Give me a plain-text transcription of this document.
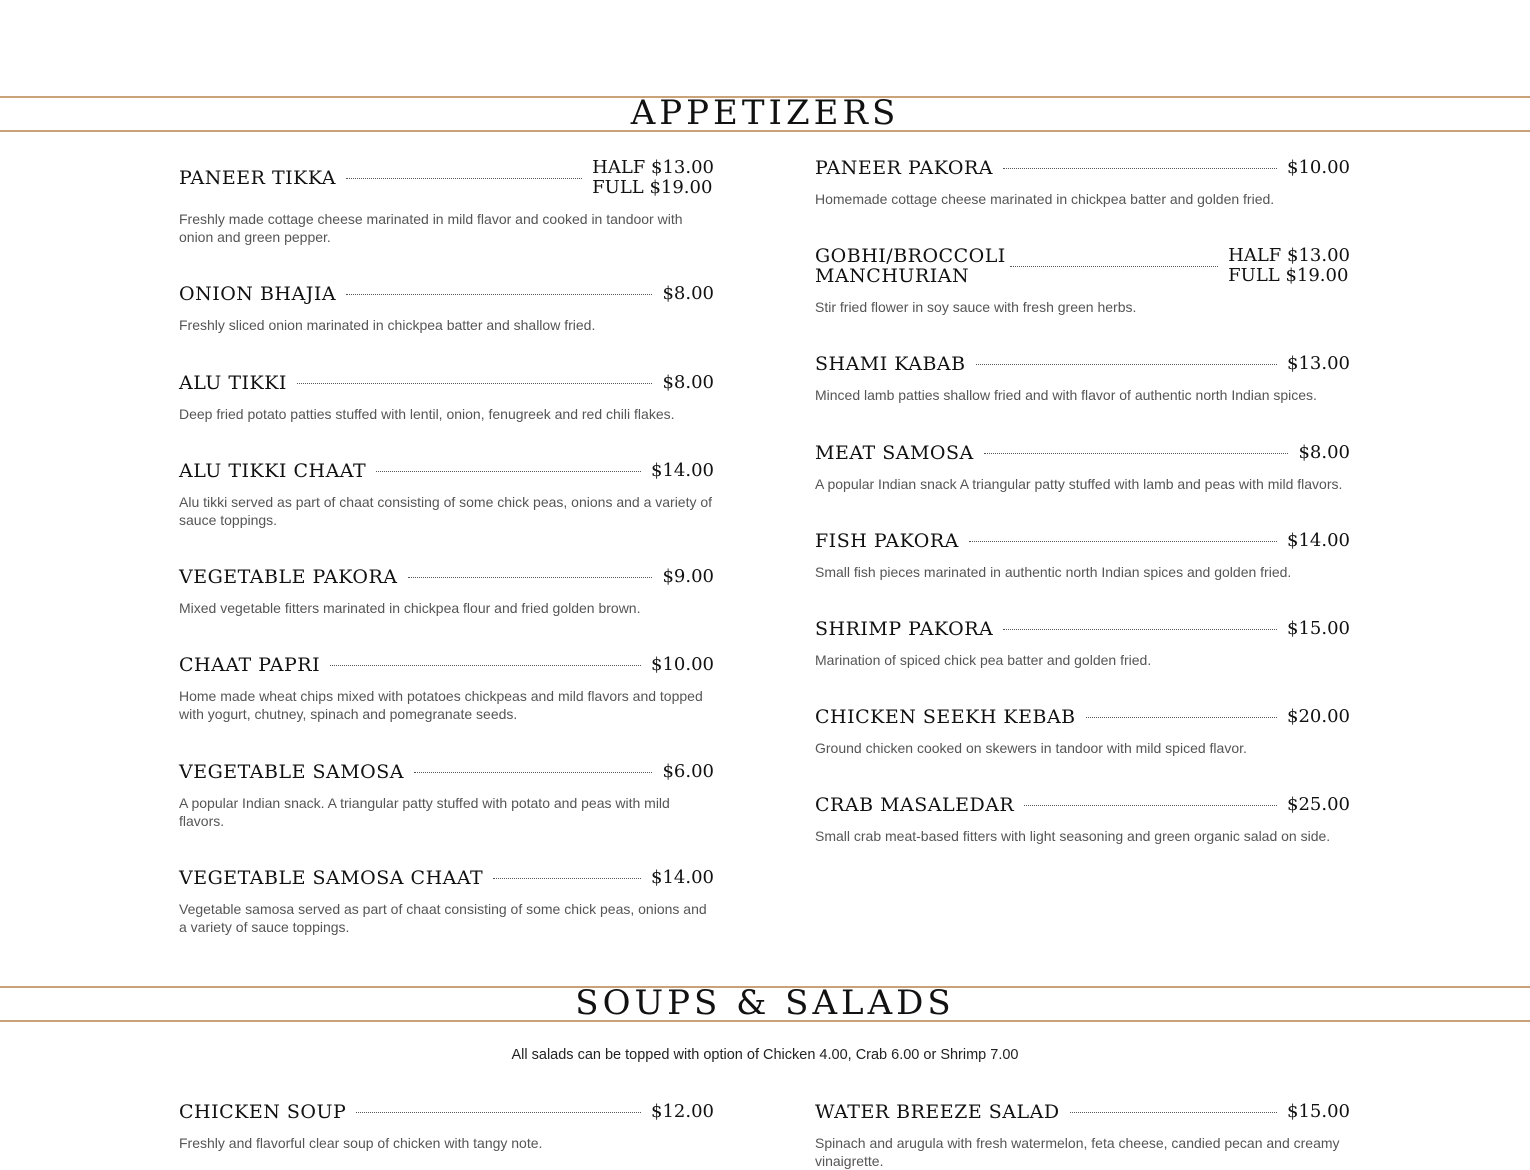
APPETIZERS
PANEER TIKKA	HALF $13.00
FULL $19.00
Freshly made cottage cheese marinated in mild flavor and cooked in tandoor with onion and green pepper.
ONION BHAJIA	$8.00
Freshly sliced onion marinated in chickpea batter and shallow fried.
ALU TIKKI	$8.00
Deep fried potato patties stuffed with lentil, onion, fenugreek and red chili flakes.
ALU TIKKI CHAAT	$14.00
Alu tikki served as part of chaat consisting of some chick peas, onions and a variety of sauce toppings.
VEGETABLE PAKORA	$9.00
Mixed vegetable fitters marinated in chickpea flour and fried golden brown.
CHAAT PAPRI	$10.00
Home made wheat chips mixed with potatoes chickpeas and mild flavors and topped with yogurt, chutney, spinach and pomegranate seeds.
VEGETABLE SAMOSA	$6.00
A popular Indian snack. A triangular patty stuffed with potato and peas with mild flavors.
VEGETABLE SAMOSA CHAAT	$14.00
Vegetable samosa served as part of chaat consisting of some chick peas, onions and a variety of sauce toppings.
PANEER PAKORA	$10.00
Homemade cottage cheese marinated in chickpea batter and golden fried.
GOBHI/BROCCOLI MANCHURIAN
HALF $13.00
FULL $19.00
Stir fried flower in soy sauce with fresh green herbs.
SHAMI KABAB	$13.00
Minced lamb patties shallow fried and with flavor of authentic north Indian spices.
MEAT SAMOSA	$8.00
A popular Indian snack A triangular patty stuffed with lamb and peas with mild flavors.
FISH PAKORA	$14.00
Small fish pieces marinated in authentic north Indian spices and golden fried.
SHRIMP PAKORA	$15.00
Marination of spiced chick pea batter and golden fried.
CHICKEN SEEKH KEBAB	$20.00
Ground chicken cooked on skewers in tandoor with mild spiced flavor.
CRAB MASALEDAR	$25.00
Small crab meat-based fitters with light seasoning and green organic salad on side.
SOUPS & SALADS
All salads can be topped with option of Chicken 4.00, Crab 6.00 or Shrimp 7.00
CHICKEN SOUP	$12.00
Freshly and flavorful clear soup of chicken with tangy note.
WATER BREEZE SALAD	$15.00
Spinach and arugula with fresh watermelon, feta cheese, candied pecan and creamy vinaigrette.
